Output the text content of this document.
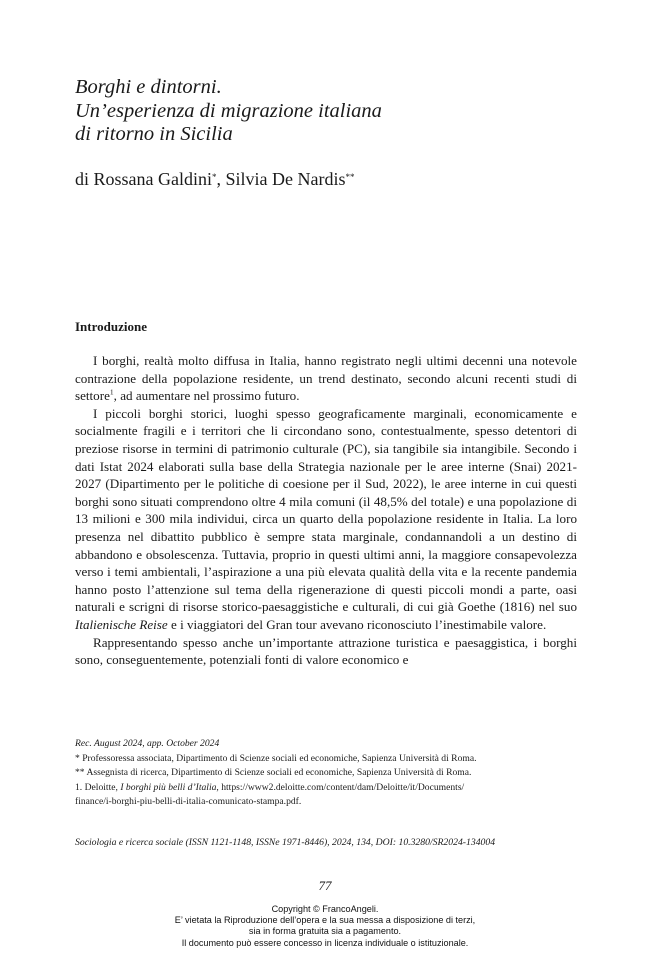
Borghi e dintorni.
Un’esperienza di migrazione italiana
di ritorno in Sicilia
di Rossana Galdini*, Silvia De Nardis**
Introduzione

I borghi, realtà molto diffusa in Italia, hanno registrato negli ultimi decenni una notevole contrazione della popolazione residente, un trend destinato, secondo alcuni recenti studi di settore$^1$, ad aumentare nel prossimo futuro.

I piccoli borghi storici, luoghi spesso geograficamente marginali, economicamente e socialmente fragili e i territori che li circondano sono, contestualmente, spesso detentori di preziose risorse in termini di patrimonio culturale (PC), sia tangibile sia intangibile. Secondo i dati Istat 2024 elaborati sulla base della Strategia nazionale per le aree interne (Snai) 2021-2027 (Dipartimento per le politiche di coesione per il Sud, 2022), le aree interne in cui questi borghi sono situati comprendono oltre 4 mila comuni (il 48,5% del totale) e una popolazione di 13 milioni e 300 mila individui, circa un quarto della popolazione residente in Italia. La loro presenza nel dibattito pubblico è sempre stata marginale, condannandoli a un destino di abbandono e obsolescenza. Tuttavia, proprio in questi ultimi anni, la maggiore consapevolezza verso i temi ambientali, l’aspirazione a una più elevata qualità della vita e la recente pandemia hanno posto l’attenzione sul tema della rigenerazione di questi piccoli mondi a parte, oasi naturali e scrigni di risorse storico-paesaggistiche e culturali, di cui già Goethe (1816) nel suo Italienische Reise e i viaggiatori del Gran tour avevano riconosciuto l’inestimabile valore.

Rappresentando spesso anche un’importante attrazione turistica e paesaggistica, i borghi sono, conseguentemente, potenziali fonti di valore economico e

Rec. August 2024, app. October 2024
* Professoressa associata, Dipartimento di Scienze sociali ed economiche, Sapienza Università di Roma.
** Assegnista di ricerca, Dipartimento di Scienze sociali ed economiche, Sapienza Università di Roma.
1. Deloitte, I borghi più belli d’Italia, https://www2.deloitte.com/content/dam/Deloitte/it/Documents/
finance/i-borghi-piu-belli-di-italia-comunicato-stampa.pdf.
Sociologia e ricerca sociale (ISSN 1121-1148, ISSNe 1971-8446), 2024, 134, DOI: 10.3280/SR2024-134004
77
Copyright © FrancoAngeli.
E’ vietata la Riproduzione dell’opera e la sua messa a disposizione di terzi,
sia in forma gratuita sia a pagamento.
Il documento può essere concesso in licenza individuale o istituzionale.
